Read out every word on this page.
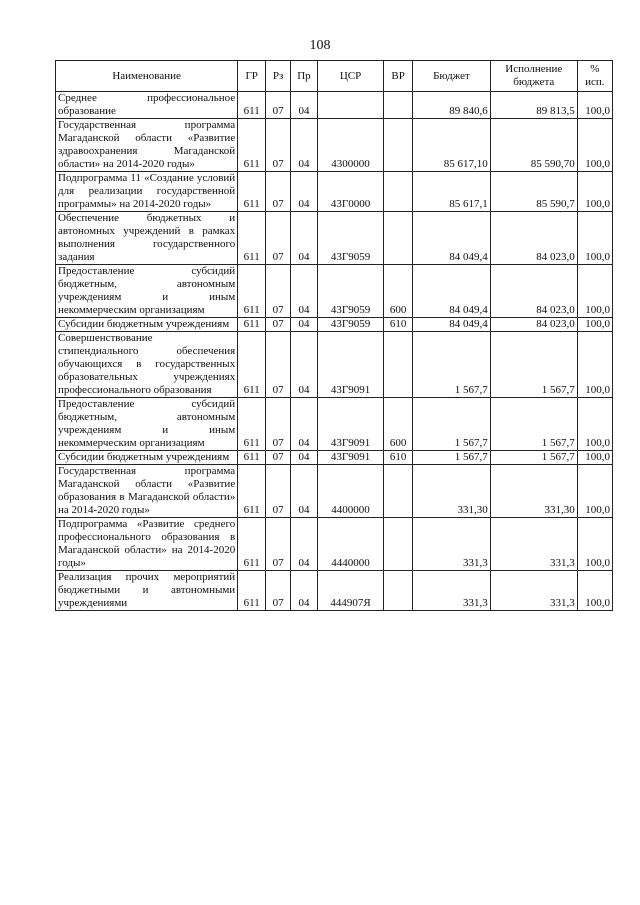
108
Наименование	ГР	Рз	Пр	ЦСР	ВР	Бюджет	Исполнение бюджета	% исп.
Среднее профессиональное образование	611	07	04			89 840,6	89 813,5	100,0
Государственная программа Магаданской области «Развитие здравоохранения Магаданской области» на 2014-2020 годы»	611	07	04	4300000		85 617,10	85 590,70	100,0
Подпрограмма 11 «Создание условий для реализации государственной программы» на 2014-2020 годы»	611	07	04	43Г0000		85 617,1	85 590,7	100,0
Обеспечение бюджетных и автономных учреждений в рамках выполнения государственного задания	611	07	04	43Г9059		84 049,4	84 023,0	100,0
Предоставление субсидий бюджетным, автономным учреждениям и иным некоммерческим организациям	611	07	04	43Г9059	600	84 049,4	84 023,0	100,0
Субсидии бюджетным учреждениям	611	07	04	43Г9059	610	84 049,4	84 023,0	100,0
Совершенствование стипендиального обеспечения обучающихся в государственных образовательных учреждениях профессионального образования	611	07	04	43Г9091		1 567,7	1 567,7	100,0
Предоставление субсидий бюджетным, автономным учреждениям и иным некоммерческим организациям	611	07	04	43Г9091	600	1 567,7	1 567,7	100,0
Субсидии бюджетным учреждениям	611	07	04	43Г9091	610	1 567,7	1 567,7	100,0
Государственная программа Магаданской области «Развитие образования в Магаданской области» на 2014-2020 годы»	611	07	04	4400000		331,30	331,30	100,0
Подпрограмма «Развитие среднего профессионального образования в Магаданской области» на 2014-2020 годы»	611	07	04	4440000		331,3	331,3	100,0
Реализация прочих мероприятий бюджетными и автономными учреждениями	611	07	04	444907Я		331,3	331,3	100,0
